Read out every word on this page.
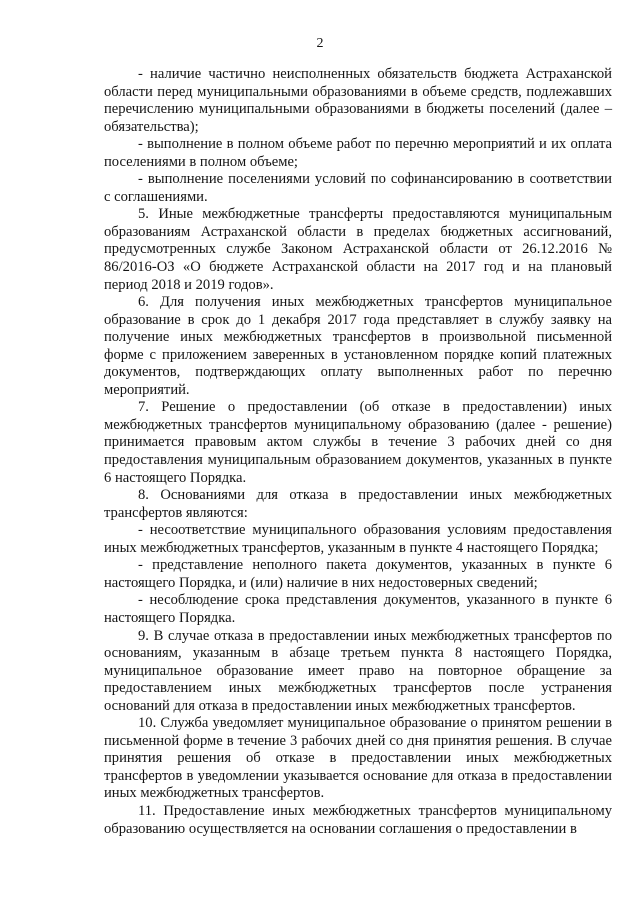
2

- наличие частично неисполненных обязательств бюджета Астраханской области перед муниципальными образованиями в объеме средств, подлежавших перечислению муниципальными образованиями в бюджеты поселений (далее – обязательства);

- выполнение в полном объеме работ по перечню мероприятий и их оплата поселениями в полном объеме;

- выполнение поселениями условий по софинансированию в соответствии с соглашениями.

5. Иные межбюджетные трансферты предоставляются муниципальным образованиям Астраханской области в пределах бюджетных ассигнований, предусмотренных службе Законом Астраханской области от 26.12.2016 № 86/2016-ОЗ «О бюджете Астраханской области на 2017 год и на плановый период 2018 и 2019 годов».

6. Для получения иных межбюджетных трансфертов муниципальное образование в срок до 1 декабря 2017 года представляет в службу заявку на получение иных межбюджетных трансфертов в произвольной письменной форме с приложением заверенных в установленном порядке копий платежных документов, подтверждающих оплату выполненных работ по перечню мероприятий.

7. Решение о предоставлении (об отказе в предоставлении) иных межбюджетных трансфертов муниципальному образованию (далее - решение) принимается правовым актом службы в течение 3 рабочих дней со дня предоставления муниципальным образованием документов, указанных в пункте 6 настоящего Порядка.

8. Основаниями для отказа в предоставлении иных межбюджетных трансфертов являются:

- несоответствие муниципального образования условиям предоставления иных межбюджетных трансфертов, указанным в пункте 4 настоящего Порядка;

- представление неполного пакета документов, указанных в пункте 6 настоящего Порядка, и (или) наличие в них недостоверных сведений;

- несоблюдение срока представления документов, указанного в пункте 6 настоящего Порядка.

9. В случае отказа в предоставлении иных межбюджетных трансфертов по основаниям, указанным в абзаце третьем пункта 8 настоящего Порядка, муниципальное образование имеет право на повторное обращение за предоставлением иных межбюджетных трансфертов после устранения оснований для отказа в предоставлении иных межбюджетных трансфертов.

10. Служба уведомляет муниципальное образование о принятом решении в письменной форме в течение 3 рабочих дней со дня принятия решения. В случае принятия решения об отказе в предоставлении иных межбюджетных трансфертов в уведомлении указывается основание для отказа в предоставлении иных межбюджетных трансфертов.

11. Предоставление иных межбюджетных трансфертов муниципальному образованию осуществляется на основании соглашения о предоставлении в
